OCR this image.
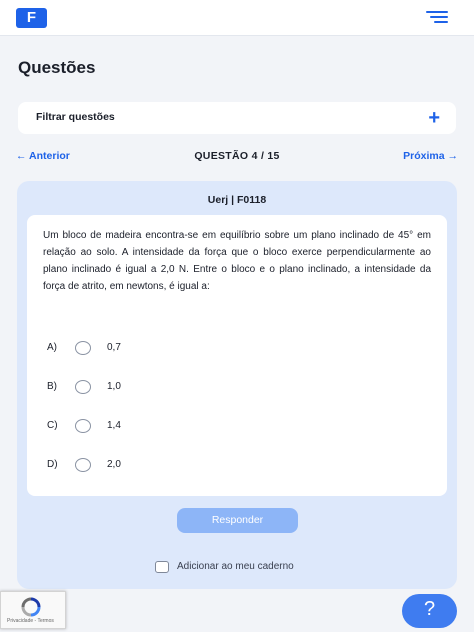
F
Questões
Filtrar questões	+
← Anterior	QUESTÃO 4 / 15	Próxima →
Uerj | F0118
Um bloco de madeira encontra-se em equilíbrio sobre um plano inclinado de 45° em relação ao solo. A intensidade da força que o bloco exerce perpendicularmente ao plano inclinado é igual a 2,0 N. Entre o bloco e o plano inclinado, a intensidade da força de atrito, em newtons, é igual a:
A)	0,7
B)	1,0
C)	1,4
D)	2,0
Responder
Adicionar ao meu caderno
Privacidade - Termos
?
